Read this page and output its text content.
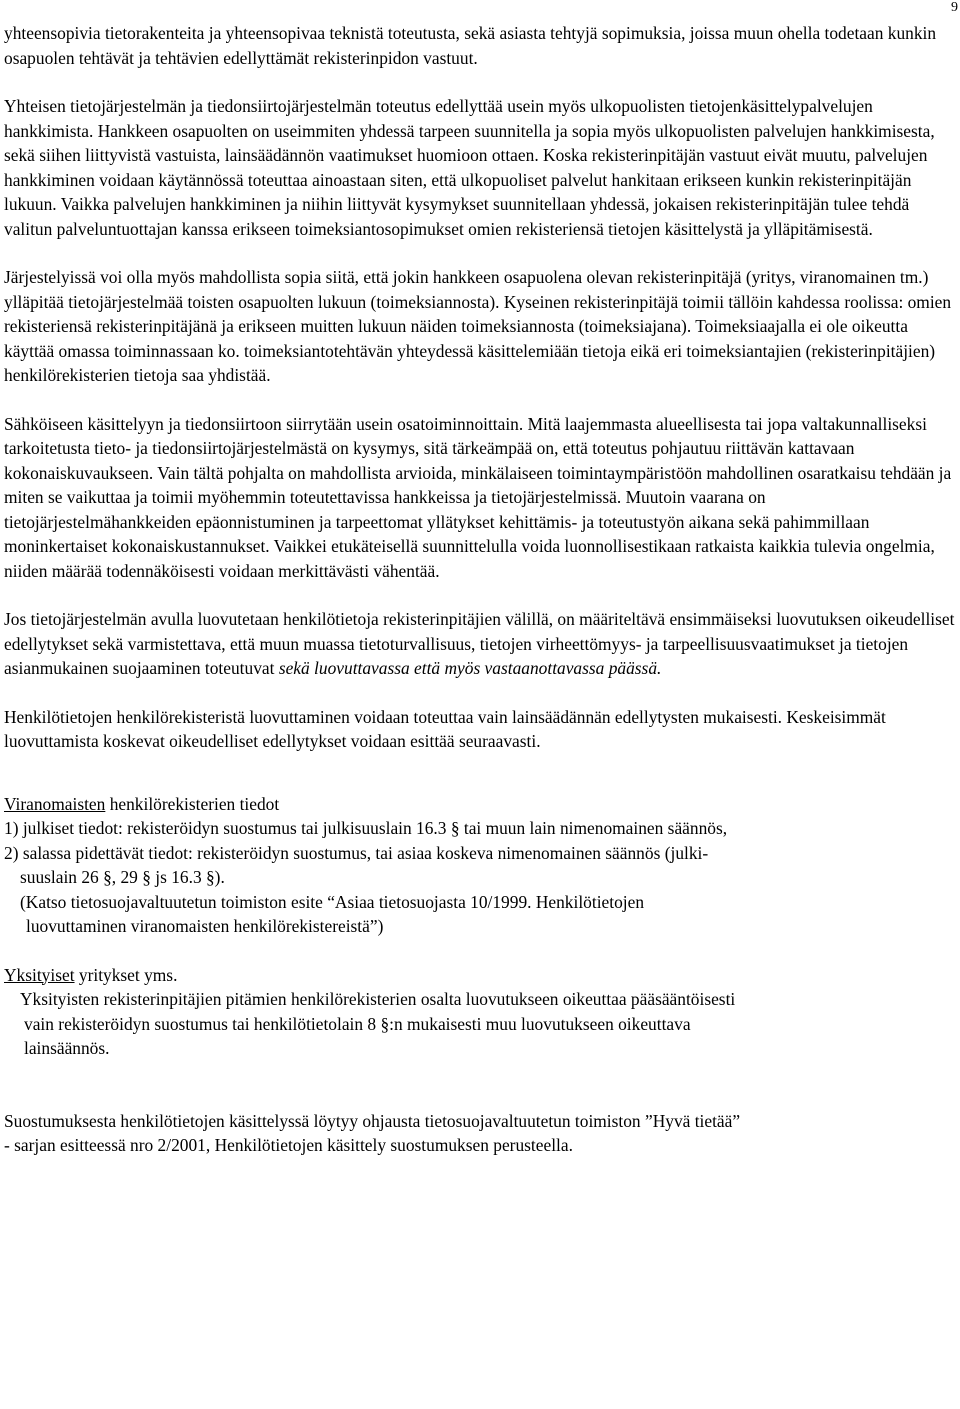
9

yhteensopivia tietorakenteita ja yhteensopivaa teknistä toteutusta, sekä asiasta tehtyjä sopimuksia, joissa muun ohella todetaan kunkin osapuolen tehtävät ja tehtävien edellyttämät rekisterinpidon vastuut.

Yhteisen tietojärjestelmän ja tiedonsiirtojärjestelmän toteutus edellyttää usein myös ulkopuolisten tietojenkäsittelypalvelujen hankkimista. Hankkeen osapuolten on useimmiten yhdessä tarpeen suunnitella ja sopia myös ulkopuolisten palvelujen hankkimisesta, sekä siihen liittyvistä vastuista, lainsäädännön vaatimukset huomioon ottaen. Koska rekisterinpitäjän vastuut eivät muutu, palvelujen hankkiminen voidaan käytännössä toteuttaa ainoastaan siten, että ulkopuoliset palvelut hankitaan erikseen kunkin rekisterinpitäjän lukuun. Vaikka palvelujen hankkiminen ja niihin liittyvät kysymykset suunnitellaan yhdessä, jokaisen rekisterinpitäjän tulee tehdä valitun palveluntuottajan kanssa erikseen toimeksiantosopimukset omien rekisteriensä tietojen käsittelystä ja ylläpitämisestä.

Järjestelyissä voi olla myös mahdollista sopia siitä, että jokin hankkeen osapuolena olevan rekisterinpitäjä (yritys, viranomainen tm.) ylläpitää tietojärjestelmää toisten osapuolten lukuun (toimeksiannosta). Kyseinen rekisterinpitäjä toimii tällöin kahdessa roolissa: omien rekisteriensä rekisterinpitäjänä ja erikseen muitten lukuun näiden toimeksiannosta (toimeksiajana). Toimeksiaajalla ei ole oikeutta käyttää omassa toiminnassaan ko. toimeksiantotehtävän yhteydessä käsittelemiään tietoja eikä eri toimeksiantajien (rekisterinpitäjien) henkilörekisterien tietoja saa yhdistää.

Sähköiseen käsittelyyn ja tiedonsiirtoon siirrytään usein osatoiminnoittain. Mitä laajemmasta alueellisesta tai jopa valtakunnalliseksi tarkoitetusta tieto- ja tiedonsiirtojärjestelmästä on kysymys, sitä tärkeämpää on, että toteutus pohjautuu riittävän kattavaan kokonaiskuvaukseen. Vain tältä pohjalta on mahdollista arvioida, minkälaiseen toimintaympäristöön mahdollinen osaratkaisu tehdään ja miten se vaikuttaa ja toimii myöhemmin toteutettavissa hankkeissa ja tietojärjestelmissä. Muutoin vaarana on tietojärjestelmähankkeiden epäonnistuminen ja tarpeettomat yllätykset kehittämis- ja toteutustyön aikana sekä pahimmillaan moninkertaiset kokonaiskustannukset. Vaikkei etukäteisellä suunnittelulla voida luonnollisestikaan ratkaista kaikkia tulevia ongelmia, niiden määrää todennäköisesti voidaan merkittävästi vähentää.

Jos tietojärjestelmän avulla luovutetaan henkilötietoja rekisterinpitäjien välillä, on määriteltävä ensimmäiseksi luovutuksen oikeudelliset edellytykset sekä varmistettava, että muun muassa tietoturvallisuus, tietojen virheettömyys- ja tarpeellisuusvaatimukset ja tietojen asianmukainen suojaaminen toteutuvat sekä luovuttavassa että myös vastaanottavassa päässä.

Henkilötietojen henkilörekisteristä luovuttaminen voidaan toteuttaa vain lainsäädännän edellytysten mukaisesti. Keskeisimmät luovuttamista koskevat oikeudelliset edellytykset voidaan esittää seuraavasti.

Viranomaisten henkilörekisterien tiedot

1) julkiset tiedot: rekisteröidyn suostumus tai julkisuuslain 16.3 § tai muun lain nimenomainen säännös,

2) salassa pidettävät tiedot: rekisteröidyn suostumus, tai asiaa koskeva nimenomainen säännös (julki-

suuslain 26 §, 29 § js 16.3 §).

(Katso tietosuojavaltuutetun toimiston esite “Asiaa tietosuojasta 10/1999. Henkilötietojen

luovuttaminen viranomaisten henkilörekistereistä”)

Yksityiset yritykset yms.

Yksityisten rekisterinpitäjien pitämien henkilörekisterien osalta luovutukseen oikeuttaa pääsääntöisesti

vain rekisteröidyn suostumus tai henkilötietolain 8 §:n mukaisesti muu luovutukseen oikeuttava

lainsäännös.

Suostumuksesta henkilötietojen käsittelyssä löytyy ohjausta tietosuojavaltuutetun toimiston ”Hyvä tietää”

- sarjan esitteessä nro 2/2001, Henkilötietojen käsittely suostumuksen perusteella.
